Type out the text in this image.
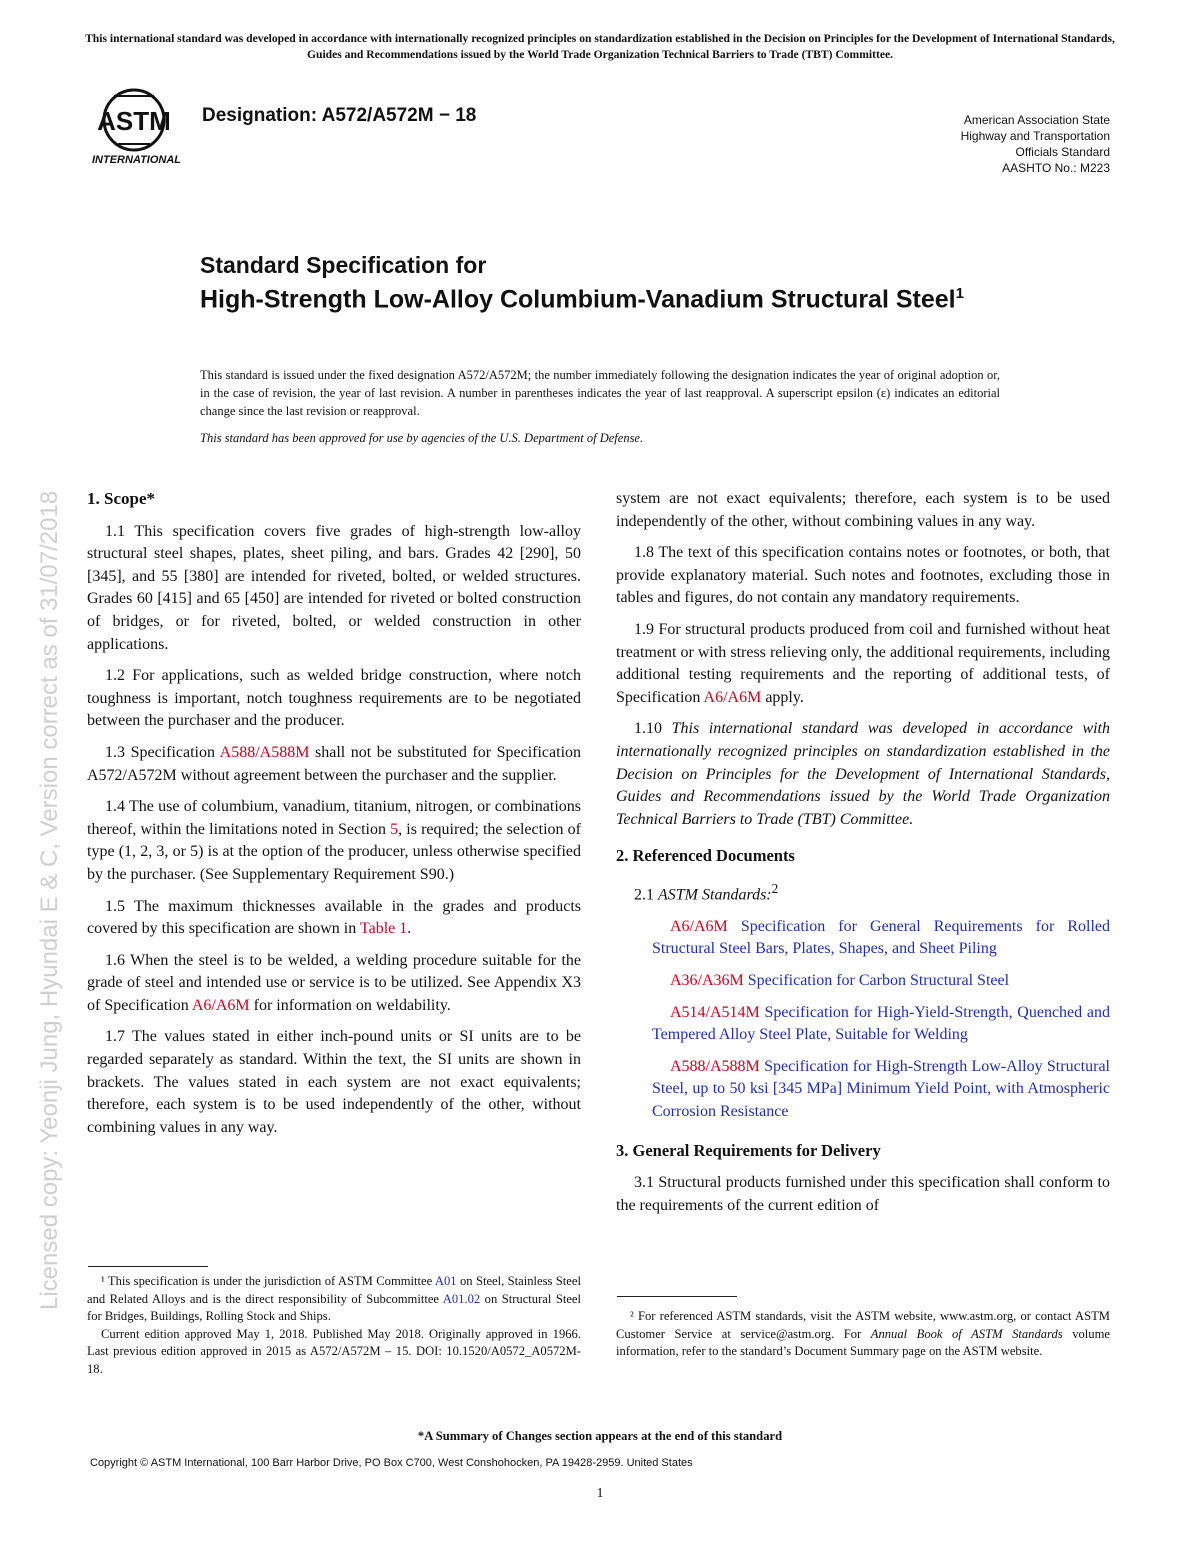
This international standard was developed in accordance with internationally recognized principles on standardization established in the Decision on Principles for the Development of International Standards, Guides and Recommendations issued by the World Trade Organization Technical Barriers to Trade (TBT) Committee.
ASTM
INTERNATIONAL
Designation: A572/A572M − 18	American Association State
Highway and Transportation
Officials Standard
AASHTO No.: M223
Standard Specification for
High-Strength Low-Alloy Columbium-Vanadium Structural Steel$^1$
This standard is issued under the fixed designation A572/A572M; the number immediately following the designation indicates the year of original adoption or, in the case of revision, the year of last revision. A number in parentheses indicates the year of last reapproval. A superscript epsilon (ε) indicates an editorial change since the last revision or reapproval.
This standard has been approved for use by agencies of the U.S. Department of Defense.
1. Scope*

1.1 This specification covers five grades of high-strength low-alloy structural steel shapes, plates, sheet piling, and bars. Grades 42 [290], 50 [345], and 55 [380] are intended for riveted, bolted, or welded structures. Grades 60 [415] and 65 [450] are intended for riveted or bolted construction of bridges, or for riveted, bolted, or welded construction in other applications.

1.2 For applications, such as welded bridge construction, where notch toughness is important, notch toughness requirements are to be negotiated between the purchaser and the producer.

1.3 Specification A588/A588M shall not be substituted for Specification A572/A572M without agreement between the purchaser and the supplier.

1.4 The use of columbium, vanadium, titanium, nitrogen, or combinations thereof, within the limitations noted in Section 5, is required; the selection of type (1, 2, 3, or 5) is at the option of the producer, unless otherwise specified by the purchaser. (See Supplementary Requirement S90.)

1.5 The maximum thicknesses available in the grades and products covered by this specification are shown in Table 1.

1.6 When the steel is to be welded, a welding procedure suitable for the grade of steel and intended use or service is to be utilized. See Appendix X3 of Specification A6/A6M for information on weldability.

1.7 The values stated in either inch-pound units or SI units are to be regarded separately as standard. Within the text, the SI units are shown in brackets. The values stated in each system are not exact equivalents; therefore, each system is to be used independently of the other, without combining values in any way.

system are not exact equivalents; therefore, each system is to be used independently of the other, without combining values in any way.

1.8 The text of this specification contains notes or footnotes, or both, that provide explanatory material. Such notes and footnotes, excluding those in tables and figures, do not contain any mandatory requirements.

1.9 For structural products produced from coil and furnished without heat treatment or with stress relieving only, the additional requirements, including additional testing requirements and the reporting of additional tests, of Specification A6/A6M apply.

1.10 This international standard was developed in accordance with internationally recognized principles on standardization established in the Decision on Principles for the Development of International Standards, Guides and Recommendations issued by the World Trade Organization Technical Barriers to Trade (TBT) Committee.

2. Referenced Documents

2.1 ASTM Standards:$^2$

A6/A6M Specification for General Requirements for Rolled Structural Steel Bars, Plates, Shapes, and Sheet Piling

A36/A36M Specification for Carbon Structural Steel

A514/A514M Specification for High-Yield-Strength, Quenched and Tempered Alloy Steel Plate, Suitable for Welding

A588/A588M Specification for High-Strength Low-Alloy Structural Steel, up to 50 ksi [345 MPa] Minimum Yield Point, with Atmospheric Corrosion Resistance

3. General Requirements for Delivery

3.1 Structural products furnished under this specification shall conform to the requirements of the current edition of

¹ This specification is under the jurisdiction of ASTM Committee A01 on Steel, Stainless Steel and Related Alloys and is the direct responsibility of Subcommittee A01.02 on Structural Steel for Bridges, Buildings, Rolling Stock and Ships.

Current edition approved May 1, 2018. Published May 2018. Originally approved in 1966. Last previous edition approved in 2015 as A572/A572M – 15. DOI: 10.1520/A0572_A0572M-18.

² For referenced ASTM standards, visit the ASTM website, www.astm.org, or contact ASTM Customer Service at service@astm.org. For Annual Book of ASTM Standards volume information, refer to the standard’s Document Summary page on the ASTM website.

*A Summary of Changes section appears at the end of this standard
Copyright © ASTM International, 100 Barr Harbor Drive, PO Box C700, West Conshohocken, PA 19428-2959. United States
1
Licensed copy: Yeonji Jung, Hyundai E & C, Version correct as of 31/07/2018
